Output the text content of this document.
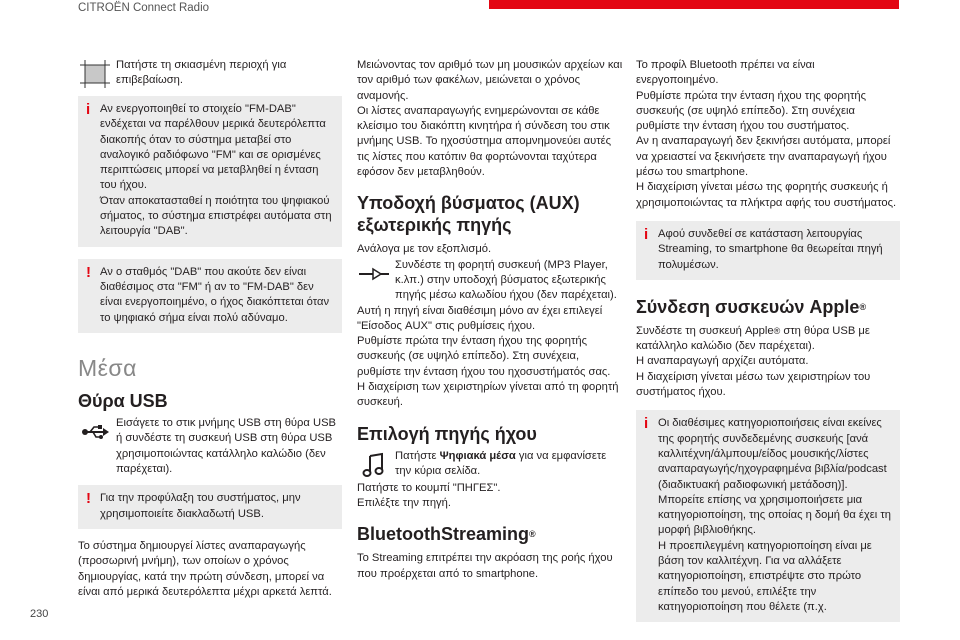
CITROËN Connect Radio
230

Πατήστε τη σκιασμένη περιοχή για επιβεβαίωση.

i Αν ενεργοποιηθεί το στοιχείο "FM-DAB" ενδέχεται να παρέλθουν μερικά δευτερόλεπτα διακοπής όταν το σύστημα μεταβεί στο αναλογικό ραδιόφωνο "FM" και σε ορισμένες περιπτώσεις μπορεί να μεταβληθεί η ένταση του ήχου.

Όταν αποκατασταθεί η ποιότητα του ψηφιακού σήματος, το σύστημα επιστρέφει αυτόματα στη λειτουργία "DAB".

! Αν ο σταθμός "DAB" που ακούτε δεν είναι διαθέσιμος στα "FM" ή αν το "FM-DAB" δεν είναι ενεργοποιημένο, ο ήχος διακόπτεται όταν το ψηφιακό σήμα είναι πολύ αδύναμο.

Μέσα
Θύρα USB

Εισάγετε το στικ μνήμης USB στη θύρα USB ή συνδέστε τη συσκευή USB στη θύρα USB χρησιμοποιώντας κατάλληλο καλώδιο (δεν παρέχεται).

! Για την προφύλαξη του συστήματος, μην χρησιμοποιείτε διακλαδωτή USB.

Το σύστημα δημιουργεί λίστες αναπαραγωγής (προσωρινή μνήμη), των οποίων ο χρόνος δημιουργίας, κατά την πρώτη σύνδεση, μπορεί να είναι από μερικά δευτερόλεπτα μέχρι αρκετά λεπτά.

Μειώνοντας τον αριθμό των μη μουσικών αρχείων και τον αριθμό των φακέλων, μειώνεται ο χρόνος αναμονής.

Οι λίστες αναπαραγωγής ενημερώνονται σε κάθε κλείσιμο του διακόπτη κινητήρα ή σύνδεση του στικ μνήμης USB. Το ηχοσύστημα απομνημονεύει αυτές τις λίστες που κατόπιν θα φορτώνονται ταχύτερα εφόσον δεν μεταβληθούν.

Υποδοχή βύσματος (AUX) εξωτερικής πηγής

Ανάλογα με τον εξοπλισμό.

Συνδέστε τη φορητή συσκευή (MP3 Player, κ.λπ.) στην υποδοχή βύσματος εξωτερικής πηγής μέσω καλωδίου ήχου (δεν παρέχεται).

Αυτή η πηγή είναι διαθέσιμη μόνο αν έχει επιλεγεί "Είσοδος AUX" στις ρυθμίσεις ήχου.

Ρυθμίστε πρώτα την ένταση ήχου της φορητής συσκευής (σε υψηλό επίπεδο). Στη συνέχεια, ρυθμίστε την ένταση ήχου του ηχοσυστήματός σας.

Η διαχείριση των χειριστηρίων γίνεται από τη φορητή συσκευή.

Επιλογή πηγής ήχου

Πατήστε Ψηφιακά μέσα για να εμφανίσετε την κύρια σελίδα.

Πατήστε το κουμπί "ΠΗΓΕΣ".

Επιλέξτε την πηγή.

BluetoothStreaming®

Το Streaming επιτρέπει την ακρόαση της ροής ήχου που προέρχεται από το smartphone.

Το προφίλ Bluetooth πρέπει να είναι ενεργοποιημένο.

Ρυθμίστε πρώτα την ένταση ήχου της φορητής συσκευής (σε υψηλό επίπεδο). Στη συνέχεια ρυθμίστε την ένταση ήχου του συστήματος.

Αν η αναπαραγωγή δεν ξεκινήσει αυτόματα, μπορεί να χρειαστεί να ξεκινήσετε την αναπαραγωγή ήχου μέσω του smartphone.

Η διαχείριση γίνεται μέσω της φορητής συσκευής ή χρησιμοποιώντας τα πλήκτρα αφής του συστήματος.

i Αφού συνδεθεί σε κατάσταση λειτουργίας Streaming, το smartphone θα θεωρείται πηγή πολυμέσων.

Σύνδεση συσκευών Apple®

Συνδέστε τη συσκευή Apple® στη θύρα USB με κατάλληλο καλώδιο (δεν παρέχεται).

Η αναπαραγωγή αρχίζει αυτόματα.

Η διαχείριση γίνεται μέσω των χειριστηρίων του συστήματος ήχου.

i Οι διαθέσιμες κατηγοριοποιήσεις είναι εκείνες της φορητής συνδεδεμένης συσκευής [ανά καλλιτέχνη/άλμπουμ/είδος μουσικής/λίστες αναπαραγωγής/ηχογραφημένα βιβλία/podcast (διαδικτυακή ραδιοφωνική μετάδοση)]. Μπορείτε επίσης να χρησιμοποιήσετε μια κατηγοριοποίηση, της οποίας η δομή θα έχει τη μορφή βιβλιοθήκης.

Η προεπιλεγμένη κατηγοριοποίηση είναι με βάση τον καλλιτέχνη. Για να αλλάξετε κατηγοριοποίηση, επιστρέψτε στο πρώτο επίπεδο του μενού, επιλέξτε την κατηγοριοποίηση που θέλετε (π.χ.
